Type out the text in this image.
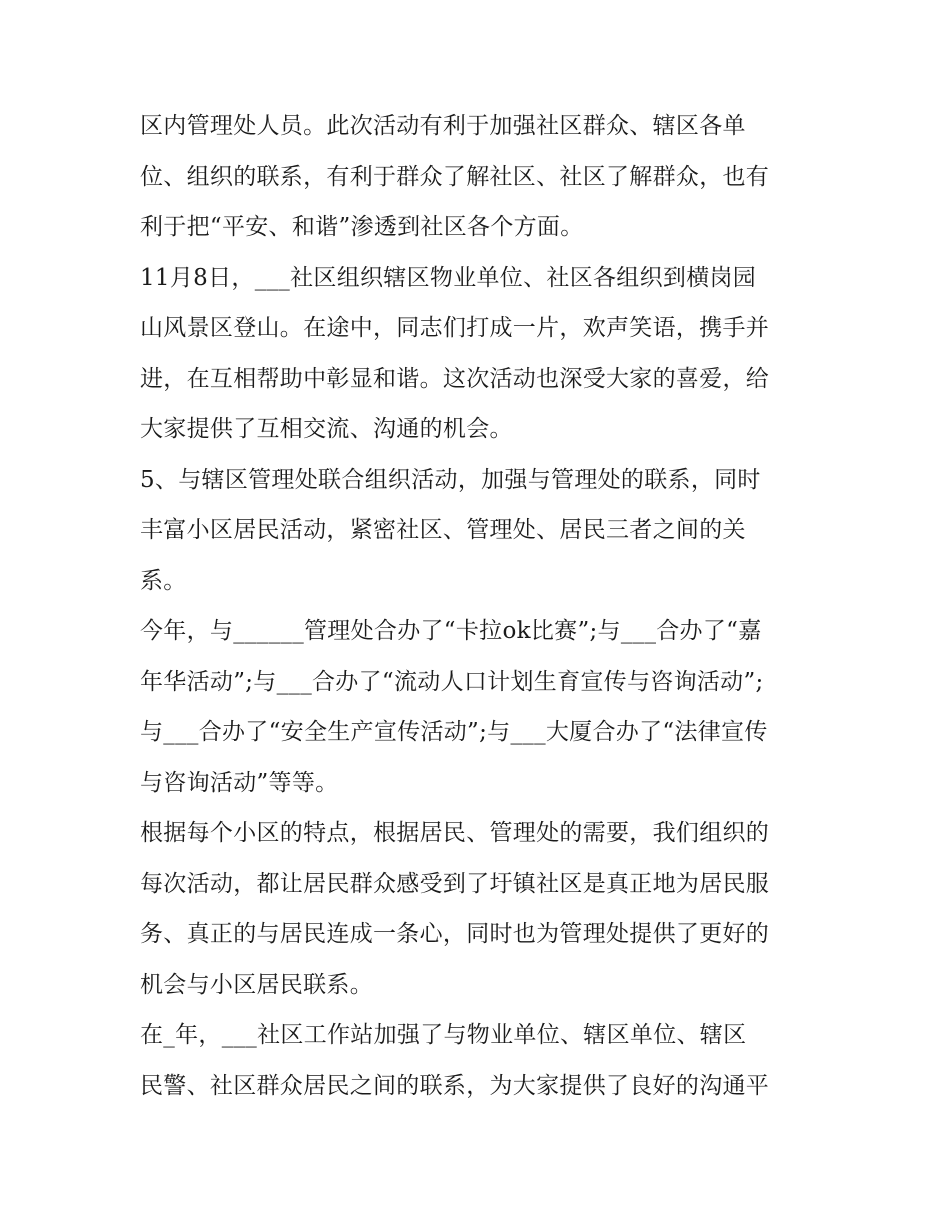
区内管理处人员。此次活动有利于加强社区群众、辖区各单
位、组织的联系，有利于群众了解社区、社区了解群众，也有
利于把“平安、和谐”渗透到社区各个方面。
11月8日，___社区组织辖区物业单位、社区各组织到横岗园
山风景区登山。在途中，同志们打成一片，欢声笑语，携手并
进，在互相帮助中彰显和谐。这次活动也深受大家的喜爱，给
大家提供了互相交流、沟通的机会。
5、与辖区管理处联合组织活动，加强与管理处的联系，同时
丰富小区居民活动，紧密社区、管理处、居民三者之间的关
系。
今年，与______管理处合办了“卡拉ok比赛”;与___合办了“嘉
年华活动”;与___合办了“流动人口计划生育宣传与咨询活动”;
与___合办了“安全生产宣传活动”;与___大厦合办了“法律宣传
与咨询活动”等等。
根据每个小区的特点，根据居民、管理处的需要，我们组织的
每次活动，都让居民群众感受到了圩镇社区是真正地为居民服
务、真正的与居民连成一条心，同时也为管理处提供了更好的
机会与小区居民联系。
在_年，___社区工作站加强了与物业单位、辖区单位、辖区
民警、社区群众居民之间的联系，为大家提供了良好的沟通平
